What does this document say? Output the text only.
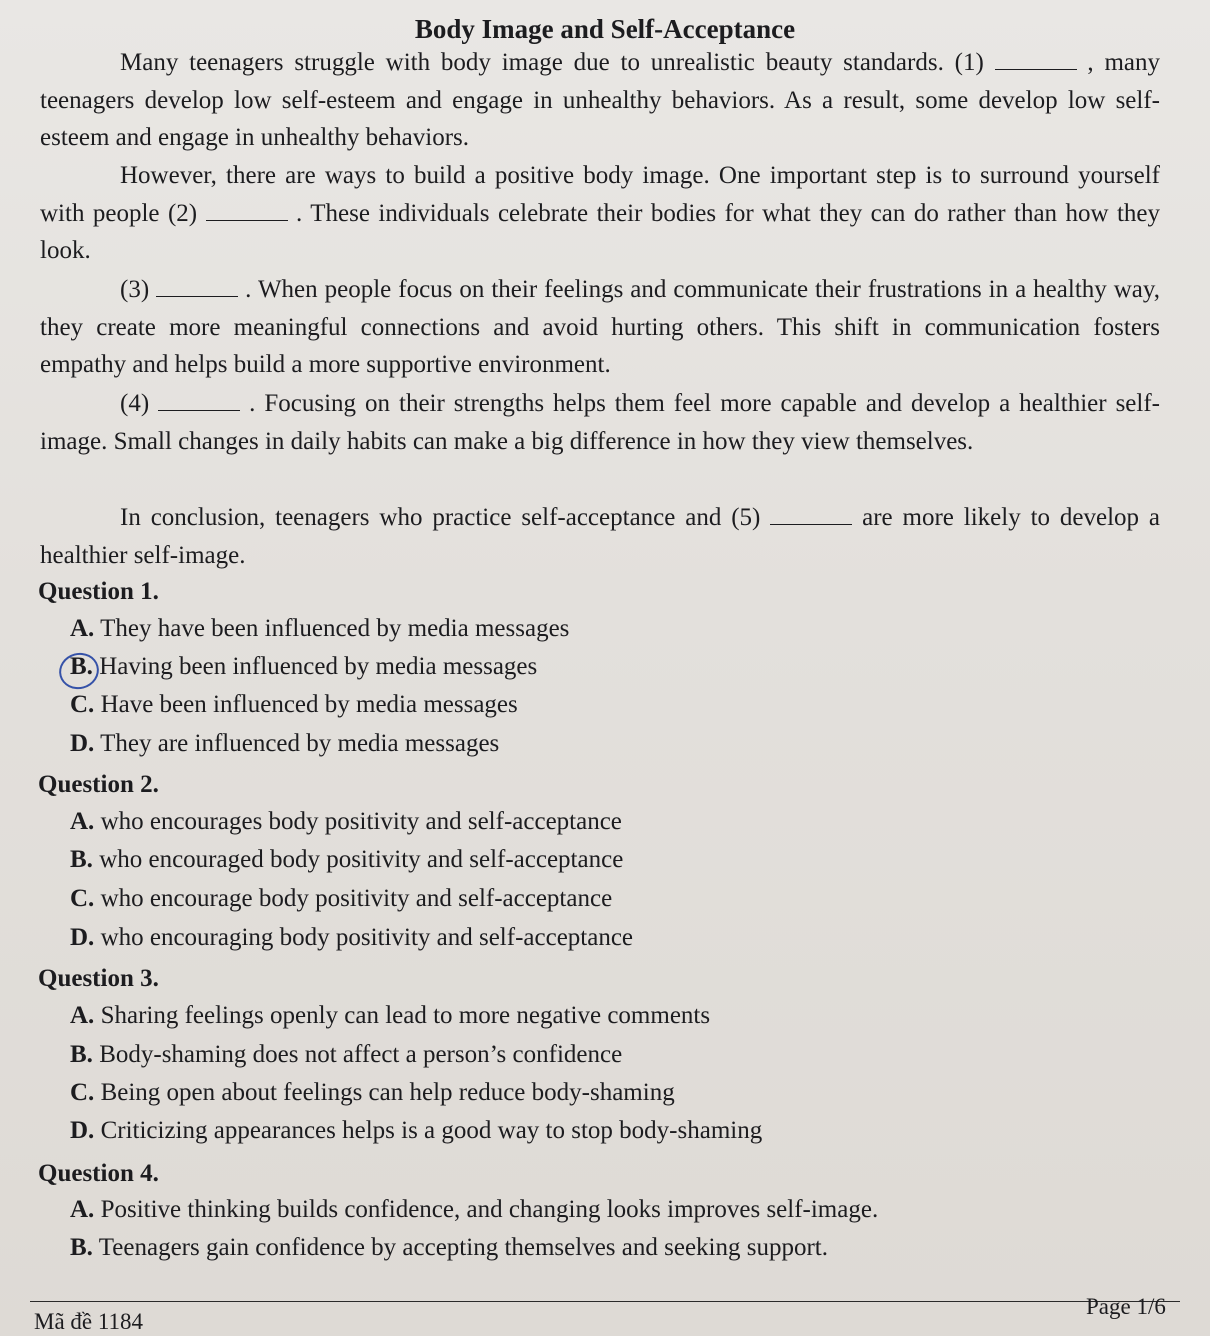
Body Image and Self-Acceptance

Many teenagers struggle with body image due to unrealistic beauty standards. (1)	, many teenagers develop low self-esteem and engage in unhealthy behaviors. As a result, some develop low self-esteem and engage in unhealthy behaviors.

However, there are ways to build a positive body image. One important step is to surround yourself with people (2)	. These individuals celebrate their bodies for what they can do rather than how they look.

(3)	. When people focus on their feelings and communicate their frustrations in a healthy way, they create more meaningful connections and avoid hurting others. This shift in communication fosters empathy and helps build a more supportive environment.

(4)	. Focusing on their strengths helps them feel more capable and develop a healthier self-image. Small changes in daily habits can make a big difference in how they view themselves.

In conclusion, teenagers who practice self-acceptance and (5)	are more likely to develop a healthier self-image.

Question 1.
A. They have been influenced by media messages
B. Having been influenced by media messages
C. Have been influenced by media messages
D. They are influenced by media messages
Question 2.
A. who encourages body positivity and self-acceptance
B. who encouraged body positivity and self-acceptance
C. who encourage body positivity and self-acceptance
D. who encouraging body positivity and self-acceptance
Question 3.
A. Sharing feelings openly can lead to more negative comments
B. Body-shaming does not affect a person’s confidence
C. Being open about feelings can help reduce body-shaming
D. Criticizing appearances helps is a good way to stop body-shaming
Question 4.
A. Positive thinking builds confidence, and changing looks improves self-image.
B. Teenagers gain confidence by accepting themselves and seeking support.
Mã đề 1184
Page 1/6
